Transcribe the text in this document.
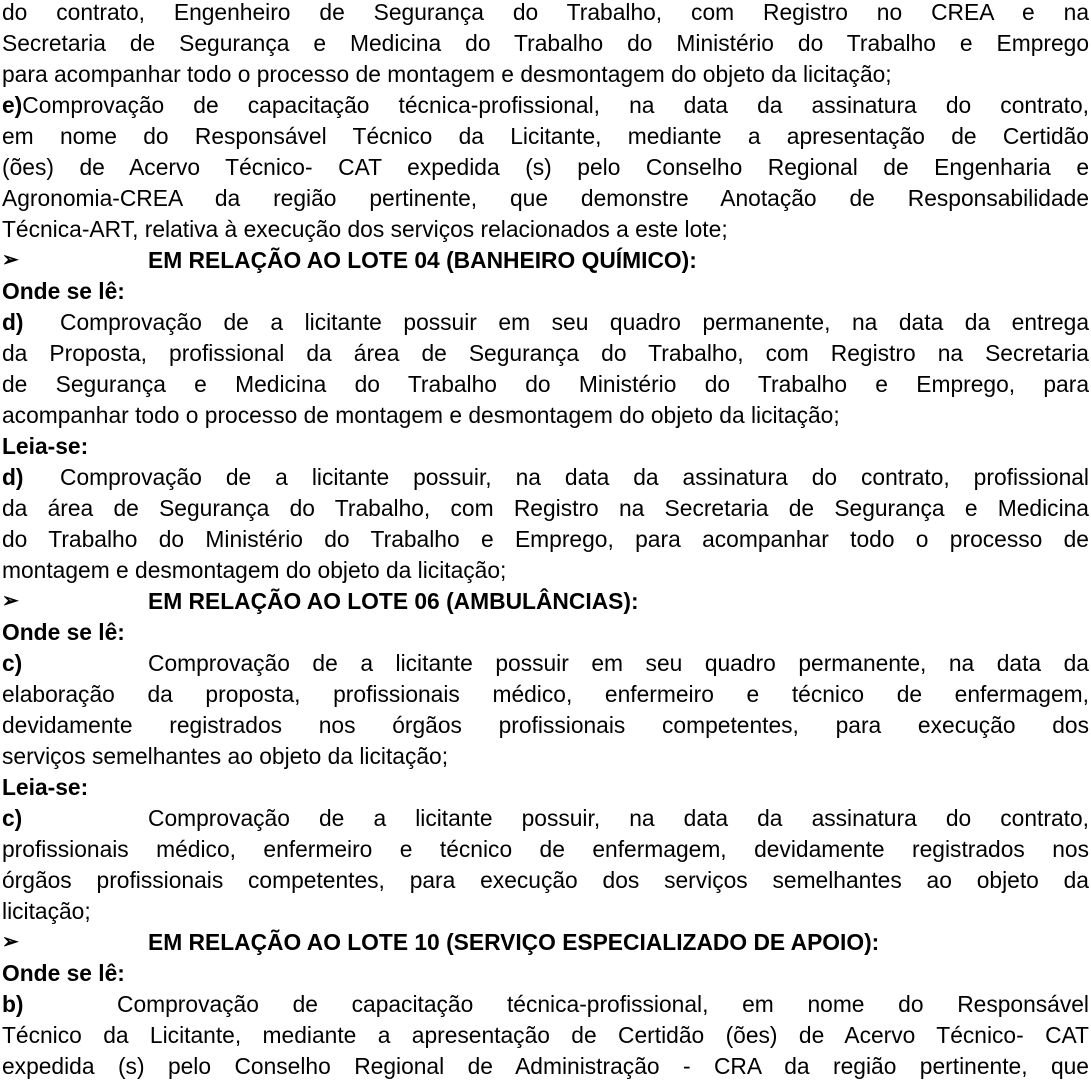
do contrato, Engenheiro de Segurança do Trabalho, com Registro no CREA e na
Secretaria de Segurança e Medicina do Trabalho do Ministério do Trabalho e Emprego
para acompanhar todo o processo de montagem e desmontagem do objeto da licitação;
e)Comprovação de capacitação técnica-profissional, na data da assinatura do contrato,
em nome do Responsável Técnico da Licitante, mediante a apresentação de Certidão
(ões) de Acervo Técnico- CAT expedida (s) pelo Conselho Regional de Engenharia e
Agronomia-CREA da região pertinente, que demonstre Anotação de Responsabilidade
Técnica-ART, relativa à execução dos serviços relacionados a este lote;
➢	EM RELAÇÃO AO LOTE 04 (BANHEIRO QUÍMICO):
Onde se lê:
d) Comprovação de a licitante possuir em seu quadro permanente, na data da entrega
da Proposta, profissional da área de Segurança do Trabalho, com Registro na Secretaria
de Segurança e Medicina do Trabalho do Ministério do Trabalho e Emprego, para
acompanhar todo o processo de montagem e desmontagem do objeto da licitação;
Leia-se:
d) Comprovação de a licitante possuir, na data da assinatura do contrato, profissional
da área de Segurança do Trabalho, com Registro na Secretaria de Segurança e Medicina
do Trabalho do Ministério do Trabalho e Emprego, para acompanhar todo o processo de
montagem e desmontagem do objeto da licitação;
➢	EM RELAÇÃO AO LOTE 06 (AMBULÂNCIAS):
Onde se lê:
c)	Comprovação de a licitante possuir em seu quadro permanente, na data da
elaboração da proposta, profissionais médico, enfermeiro e técnico de enfermagem,
devidamente registrados nos órgãos profissionais competentes, para execução dos
serviços semelhantes ao objeto da licitação;
Leia-se:
c)	Comprovação de a licitante possuir, na data da assinatura do contrato,
profissionais médico, enfermeiro e técnico de enfermagem, devidamente registrados nos
órgãos profissionais competentes, para execução dos serviços semelhantes ao objeto da
licitação;
➢	EM RELAÇÃO AO LOTE 10 (SERVIÇO ESPECIALIZADO DE APOIO):
Onde se lê:
b)	Comprovação de capacitação técnica-profissional, em nome do Responsável
Técnico da Licitante, mediante a apresentação de Certidão (ões) de Acervo Técnico- CAT
expedida (s) pelo Conselho Regional de Administração - CRA da região pertinente, que
